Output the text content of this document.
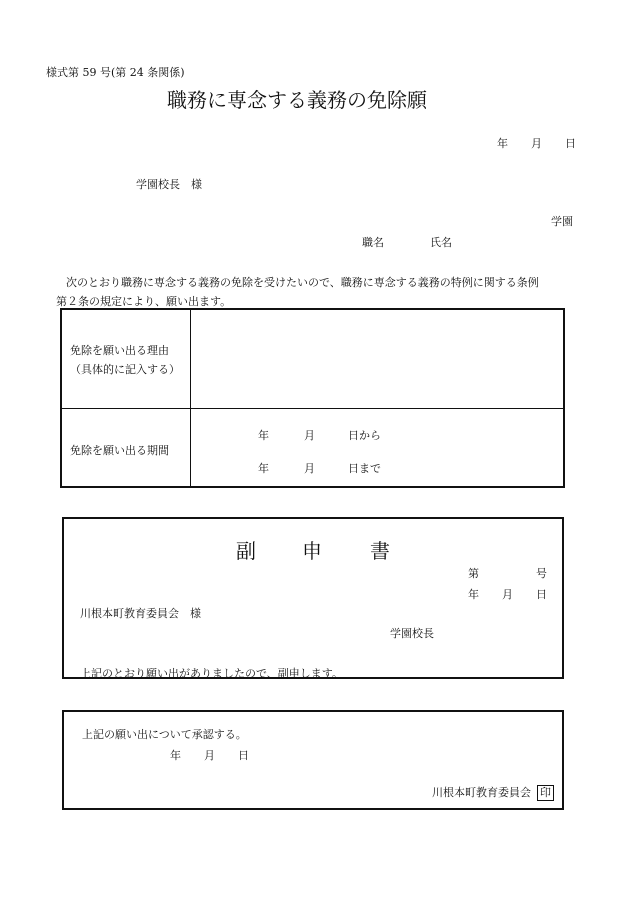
様式第 59 号(第 24 条関係)
職務に専念する義務の免除願
年 月 日
学園校長　様
学園
職名	氏名
次のとおり職務に専念する義務の免除を受けたいので、職務に専念する義務の特例に関する条例
第２条の規定により、願い出ます。
免除を願い出る理由
（具体的に記入する）
免除を願い出る期間
年	月	日から
年	月	日まで
副 申 書
第	号
年 月 日
川根本町教育委員会　様
学園校長
上記のとおり願い出がありましたので、副申します。
上記の願い出について承認する。
年 月 日
川根本町教育委員会 印
